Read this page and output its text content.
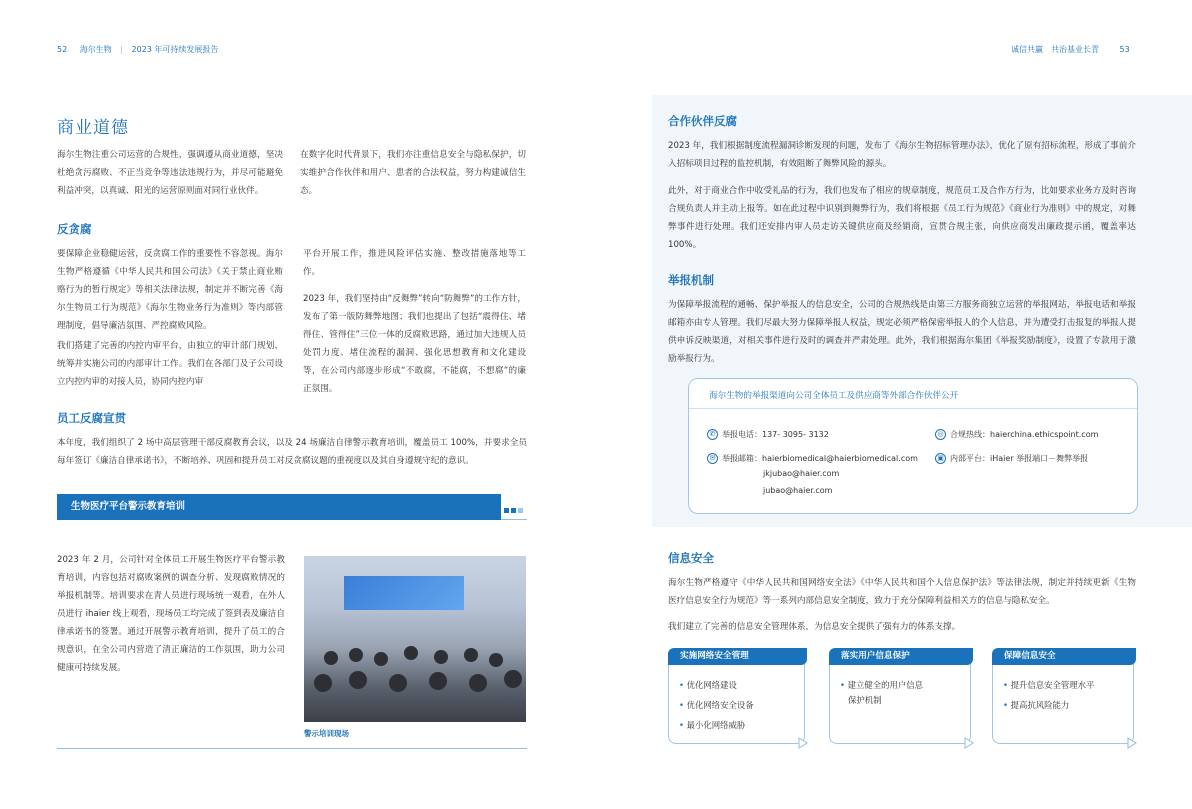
52 海尔生物 | 2023 年可持续发展报告	诚信共赢　共治基业长青	53
商业道德
海尔生物注重公司运营的合规性，强调遵从商业道德，坚决杜绝贪污腐败、不正当竞争等违法违规行为，并尽可能避免利益冲突，以真诚、阳光的运营原则面对同行业伙伴。
在数字化时代背景下，我们亦注重信息安全与隐私保护，切实维护合作伙伴和用户、患者的合法权益，努力构建诚信生态。
反贪腐
要保障企业稳健运营，反贪腐工作的重要性不容忽视。海尔生物严格遵循《中华人民共和国公司法》《关于禁止商业贿赂行为的暂行规定》等相关法律法规，制定并不断完善《海尔生物员工行为规范》《海尔生物业务行为准则》等内部管理制度，倡导廉洁氛围、严控腐败风险。
我们搭建了完善的内控内审平台，由独立的审计部门规划、统筹并实施公司的内部审计工作。我们在各部门及子公司设立内控内审的对接人员，协同内控内审
平台开展工作，推进风险评估实施、整改措施落地等工作。
2023 年，我们坚持由“反舞弊”转向“防舞弊”的工作方针，发布了第一版防舞弊地图；我们也提出了包括“震得住、堵得住、管得住”三位一体的反腐败思路，通过加大违规人员处罚力度、堵住流程的漏洞、强化思想教育和文化建设等，在公司内部逐步形成“不敢腐，不能腐，不想腐”的廉正氛围。
员工反腐宣贯
本年度，我们组织了 2 场中高层管理干部反腐教育会议，以及 24 场廉洁自律警示教育培训，覆盖员工 100%，并要求全员每年签订《廉洁自律承诺书》，不断培养、巩固和提升员工对反贪腐议题的重视度以及其自身遵规守纪的意识。
生物医疗平台警示教育培训
2023 年 2 月，公司针对全体员工开展生物医疗平台警示教育培训，内容包括对腐败案例的调查分析、发现腐败情况的举报机制等。培训要求在青人员进行现场统一观看，在外人员进行 ihaier 线上观看，现场员工均完成了签到表及廉洁自律承诺书的签署。通过开展警示教育培训，提升了员工的合规意识，在全公司内营造了清正廉洁的工作氛围，助力公司健康可持续发展。
警示培训现场
合作伙伴反腐
2023 年，我们根据制度流程漏洞诊断发现的问题，发布了《海尔生物招标管理办法》，优化了原有招标流程，形成了事前介入招标项目过程的监控机制，有效阻断了舞弊风险的源头。
此外，对于商业合作中收受礼品的行为，我们也发布了相应的规章制度，规范员工及合作方行为，比如要求业务方及时咨询合规负责人并主动上报等。如在此过程中识别到舞弊行为，我们将根据《员工行为规范》《商业行为准则》中的规定，对舞弊事件进行处理。我们还安排内审人员走访关键供应商及经销商，宣贯合规主张，向供应商发出廉政提示函，覆盖率达 100%。
举报机制
为保障举报流程的通畅、保护举报人的信息安全，公司的合规热线是由第三方服务商独立运营的举报网站，举报电话和举报邮箱亦由专人管理。我们尽最大努力保障举报人权益，规定必须严格保密举报人的个人信息，并为遭受打击报复的举报人提供申诉反映渠道，对相关事件进行及时的调查并严肃处理。此外，我们根据海尔集团《举报奖励制度》，设置了专款用于激励举报行为。
海尔生物的举报渠道向公司全体员工及供应商等外部合作伙伴公开
✆ 举报电话：137- 3095- 3132
✉ 举报邮箱：haierbiomedical@haierbiomedical.com
jkjubao@haier.com
jubao@haier.com
◎ 合规热线：haierchina.ethicspoint.com
▣ 内部平台：iHaier 举报端口－舞弊举报
信息安全
海尔生物严格遵守《中华人民共和国网络安全法》《中华人民共和国个人信息保护法》等法律法规，制定并持续更新《生物医疗信息安全行为规范》等一系列内部信息安全制度，致力于充分保障利益相关方的信息与隐私安全。
我们建立了完善的信息安全管理体系，为信息安全提供了强有力的体系支撑。
实施网络安全管理
• 优化网络建设
• 优化网络安全设备
• 最小化网络威胁
落实用户信息保护
• 建立健全的用户信息
保护机制
保障信息安全
• 提升信息安全管理水平
• 提高抗风险能力
